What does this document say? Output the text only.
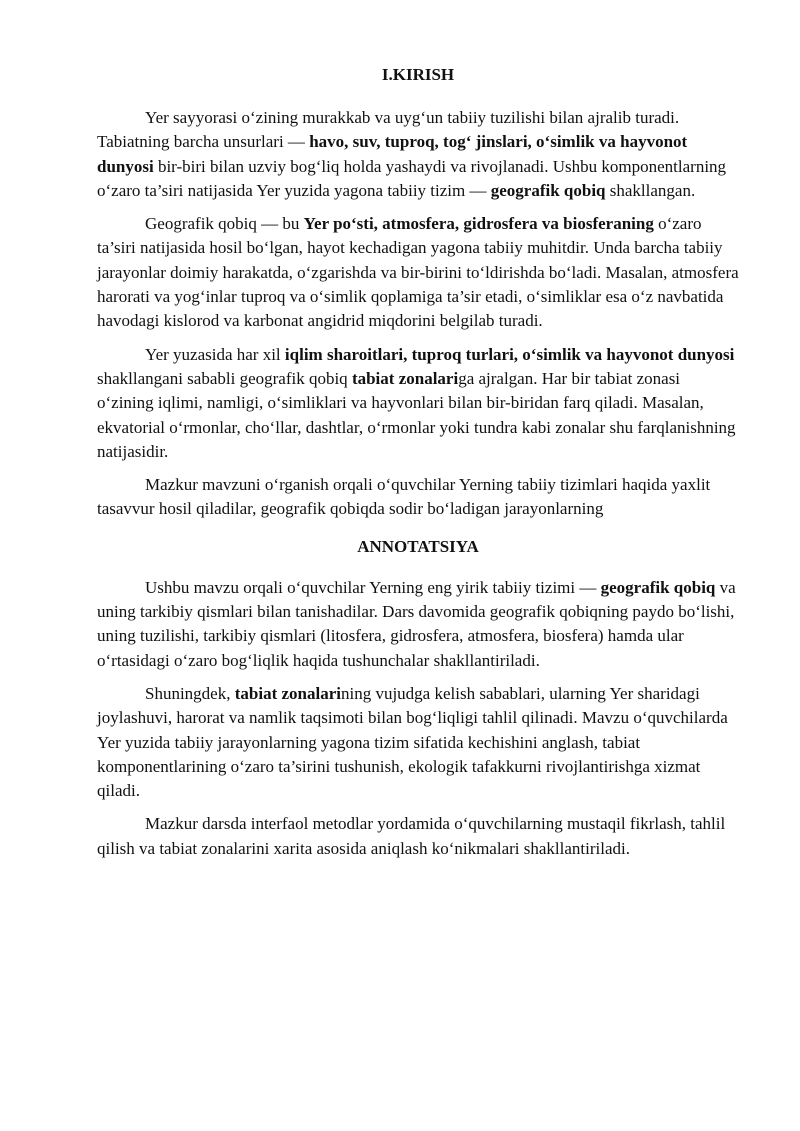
I.KIRISH

Yer sayyorasi o‘zining murakkab va uyg‘un tabiiy tuzilishi bilan ajralib turadi. Tabiatning barcha unsurlari — havo, suv, tuproq, tog‘ jinslari, o‘simlik va hayvonot dunyosi bir-biri bilan uzviy bog‘liq holda yashaydi va rivojlanadi. Ushbu komponentlarning o‘zaro ta’siri natijasida Yer yuzida yagona tabiiy tizim — geografik qobiq shakllangan.

Geografik qobiq — bu Yer po‘sti, atmosfera, gidrosfera va biosferaning o‘zaro ta’siri natijasida hosil bo‘lgan, hayot kechadigan yagona tabiiy muhitdir. Unda barcha tabiiy jarayonlar doimiy harakatda, o‘zgarishda va bir-birini to‘ldirishda bo‘ladi. Masalan, atmosfera harorati va yog‘inlar tuproq va o‘simlik qoplamiga ta’sir etadi, o‘simliklar esa o‘z navbatida havodagi kislorod va karbonat angidrid miqdorini belgilab turadi.

Yer yuzasida har xil iqlim sharoitlari, tuproq turlari, o‘simlik va hayvonot dunyosi shakllangani sababli geografik qobiq tabiat zonalariga ajralgan. Har bir tabiat zonasi o‘zining iqlimi, namligi, o‘simliklari va hayvonlari bilan bir-biridan farq qiladi. Masalan, ekvatorial o‘rmonlar, cho‘llar, dashtlar, o‘rmonlar yoki tundra kabi zonalar shu farqlanishning natijasidir.

Mazkur mavzuni o‘rganish orqali o‘quvchilar Yerning tabiiy tizimlari haqida yaxlit tasavvur hosil qiladilar, geografik qobiqda sodir bo‘ladigan jarayonlarning

ANNOTATSIYA

Ushbu mavzu orqali o‘quvchilar Yerning eng yirik tabiiy tizimi — geografik qobiq va uning tarkibiy qismlari bilan tanishadilar. Dars davomida geografik qobiqning paydo bo‘lishi, uning tuzilishi, tarkibiy qismlari (litosfera, gidrosfera, atmosfera, biosfera) hamda ular o‘rtasidagi o‘zaro bog‘liqlik haqida tushunchalar shakllantiriladi.

Shuningdek, tabiat zonalarining vujudga kelish sabablari, ularning Yer sharidagi joylashuvi, harorat va namlik taqsimoti bilan bog‘liqligi tahlil qilinadi. Mavzu o‘quvchilarda Yer yuzida tabiiy jarayonlarning yagona tizim sifatida kechishini anglash, tabiat komponentlarining o‘zaro ta’sirini tushunish, ekologik tafakkurni rivojlantirishga xizmat qiladi.

Mazkur darsda interfaol metodlar yordamida o‘quvchilarning mustaqil fikrlash, tahlil qilish va tabiat zonalarini xarita asosida aniqlash ko‘nikmalari shakllantiriladi.
